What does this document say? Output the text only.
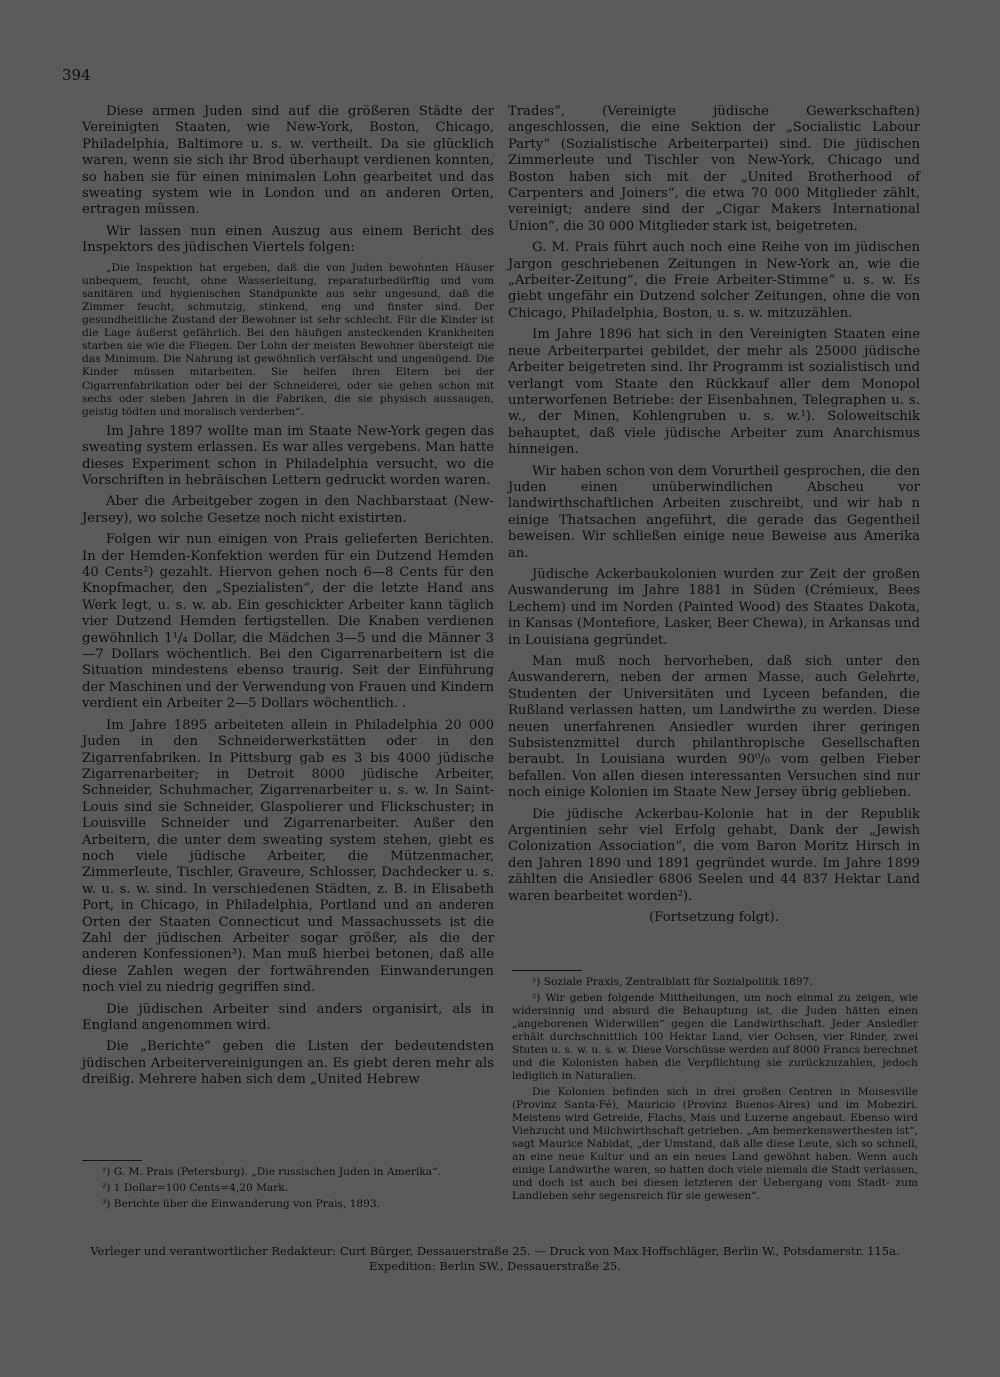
394

Diese armen Juden sind auf die größeren Städte der Vereinigten Staaten, wie New-York, Boston, Chicago, Philadelphia, Baltimore u. s. w. vertheilt. Da sie glücklich waren, wenn sie sich ihr Brod überhaupt verdienen konnten, so haben sie für einen minimalen Lohn gearbeitet und das sweating system wie in London und an anderen Orten, ertragen müssen.

Wir lassen nun einen Auszug aus einem Bericht des Inspektors des jüdischen Viertels folgen:

„Die Inspektion hat ergeben, daß die von Juden bewohnten Häuser unbequem, feucht, ohne Wasserleitung, reparaturbedürftig und vom sanitären und hygienischen Standpunkte aus sehr ungesund, daß die Zimmer feucht, schmutzig, stinkend, eng und finster sind. Der gesundheitliche Zustand der Bewohner ist sehr schlecht. Für die Kinder ist die Lage äußerst gefährlich. Bei den häufigen ansteckenden Krankheiten starben sie wie die Fliegen. Der Lohn der meisten Bewohner übersteigt nie das Minimum. Die Nahrung ist gewöhnlich verfälscht und ungenügend. Die Kinder müssen mitarbeiten. Sie helfen ihren Eltern bei der Cigarrenfabrikation oder bei der Schneiderei, oder sie gehen schon mit sechs oder sieben Jahren in die Fabriken, die sie physisch aussaugen, geistig tödten und moralisch verderben“.

Im Jahre 1897 wollte man im Staate New-York gegen das sweating system erlassen. Es war alles vergebens. Man hatte dieses Experiment schon in Philadelphia versucht, wo die Vorschriften in hebräischen Lettern gedruckt worden waren.

Aber die Arbeitgeber zogen in den Nachbarstaat (New-Jersey), wo solche Gesetze noch nicht existirten.

Folgen wir nun einigen von Prais gelieferten Berichten. In der Hemden-Konfektion werden für ein Dutzend Hemden 40 Cents²) gezahlt. Hiervon gehen noch 6—8 Cents für den Knopfmacher, den „Spezialisten“, der die letzte Hand ans Werk legt, u. s. w. ab. Ein geschickter Arbeiter kann täglich vier Dutzend Hemden fertigstellen. Die Knaben verdienen gewöhnlich 1¹/₄ Dollar, die Mädchen 3—5 und die Männer 3—7 Dollars wöchentlich. Bei den Cigarrenarbeitern ist die Situation mindestens ebenso traurig. Seit der Einführung der Maschinen und der Verwendung von Frauen und Kindern verdient ein Arbeiter 2—5 Dollars wöchentlich. .

Im Jahre 1895 arbeiteten allein in Philadelphia 20 000 Juden in den Schneiderwerkstätten oder in den Zigarrenfabriken. In Pittsburg gab es 3 bis 4000 jüdische Zigarrenarbeiter; in Detroit 8000 jüdische Arbeiter, Schneider, Schuhmacher, Zigarrenarbeiter u. s. w. In Saint-Louis sind sie Schneider, Glaspolierer und Flickschuster; in Louisville Schneider und Zigarrenarbeiter. Außer den Arbeitern, die unter dem sweating system stehen, giebt es noch viele jüdische Arbeiter, die Mützenmacher, Zimmerleute, Tischler, Graveure, Schlosser, Dachdecker u. s. w. u. s. w. sind. In verschiedenen Städten, z. B. in Elisabeth Port, in Chicago, in Philadelphia, Portland und an anderen Orten der Staaten Connecticut und Massachussets ist die Zahl der jüdischen Arbeiter sogar größer, als die der anderen Konfessionen³). Man muß hierbei betonen, daß alle diese Zahlen wegen der fortwährenden Einwanderungen noch viel zu niedrig gegriffen sind.

Die jüdischen Arbeiter sind anders organisirt, als in England angenommen wird.

Die „Berichte“ geben die Listen der bedeutendsten jüdischen Arbeitervereinigungen an. Es giebt deren mehr als dreißig. Mehrere haben sich dem „United Hebrew

¹) G. M. Prais (Petersburg). „Die russischen Juden in Amerika“.

²) 1 Dollar=100 Cents=4,20 Mark.

³) Berichte über die Einwanderung von Prais, 1893.

Trades“, (Vereinigte jüdische Gewerkschaften) angeschlossen, die eine Sektion der „Socialistic Labour Party“ (Sozialistische Arbeiterpartei) sind. Die jüdischen Zimmerleute und Tischler von New-York, Chicago und Boston haben sich mit der „United Brotherhood of Carpenters and Joiners“, die etwa 70 000 Mitglieder zählt, vereinigt; andere sind der „Cigar Makers International Union“, die 30 000 Mitglieder stark ist, beigetreten.

G. M. Prais führt auch noch eine Reihe von im jüdischen Jargon geschriebenen Zeitungen in New-York an, wie die „Arbeiter-Zeitung“, die Freie Arbeiter-Stimme“ u. s. w. Es giebt ungefähr ein Dutzend solcher Zeitungen, ohne die von Chicago, Philadelphia, Boston, u. s. w. mitzuzählen.

Im Jahre 1896 hat sich in den Vereinigten Staaten eine neue Arbeiterpartei gebildet, der mehr als 25000 jüdische Arbeiter beigetreten sind. Ihr Programm ist sozialistisch und verlangt vom Staate den Rückkauf aller dem Monopol unterworfenen Betriebe: der Eisenbahnen, Telegraphen u. s. w., der Minen, Kohlengruben u. s. w.¹). Soloweitschik behauptet, daß viele jüdische Arbeiter zum Anarchismus hinneigen.

Wir haben schon von dem Vorurtheil gesprochen, die den Juden einen unüberwindlichen Abscheu vor landwirthschaftlichen Arbeiten zuschreibt, und wir hab n einige Thatsachen angeführt, die gerade das Gegentheil beweisen. Wir schließen einige neue Beweise aus Amerika an.

Jüdische Ackerbaukolonien wurden zur Zeit der großen Auswanderung im Jahre 1881 in Süden (Crémieux, Bees Lechem) und im Norden (Painted Wood) des Staates Dakota, in Kansas (Montefiore, Lasker, Beer Chewa), in Arkansas und in Louisiana gegründet.

Man muß noch hervorheben, daß sich unter den Auswanderern, neben der armen Masse, auch Gelehrte, Studenten der Universitäten und Lyceen befanden, die Rußland verlassen hatten, um Landwirthe zu werden. Diese neuen unerfahrenen Ansiedler wurden ihrer geringen Subsistenzmittel durch philanthropische Gesellschaften beraubt. In Louisiana wurden 90⁰/₀ vom gelben Fieber befallen. Von allen diesen interessanten Versuchen sind nur noch einige Kolonien im Staate New Jersey übrig geblieben.

Die jüdische Ackerbau-Kolonie hat in der Republik Argentinien sehr viel Erfolg gehabt, Dank der „Jewish Colonization Association“, die vom Baron Moritz Hirsch in den Jahren 1890 und 1891 gegründet wurde. Im Jahre 1899 zählten die Ansiedler 6806 Seelen und 44 837 Hektar Land waren bearbeitet worden²).

(Fortsetzung folgt).

¹) Soziale Praxis, Zentralblatt für Sozialpolitik 1897.

²) Wir geben folgende Mittheilungen, um noch einmal zu zeigen, wie widersinnig und absurd die Behauptung ist, die Juden hätten einen „angeborenen Widerwillen“ gegen die Landwirthschaft. Jeder Ansiedler erhält durchschnittlich 100 Hektar Land, vier Ochsen, vier Rinder, zwei Stuten u. s. w. u. s. w. Diese Vorschüsse werden auf 8000 Francs berechnet und die Kolonisten haben die Verpflichtung sie zurückzuzahlen, jedoch lediglich in Naturalien.

Die Kolonien befinden sich in drei großen Centren in Moisesville (Provinz Santa-Fé), Mauricio (Provinz Buenos-Aires) und im Mobeziri. Meistens wird Getreide, Flachs, Mais und Luzerne angebaut. Ebenso wird Viehzucht und Milchwirthschaft getrieben. „Am bemerkenswerthesten ist“, sagt Maurice Nabidat, „der Umstand, daß alle diese Leute, sich so schnell, an eine neue Kultur und an ein neues Land gewöhnt haben. Wenn auch einige Landwirthe waren, so hatten doch viele niemals die Stadt verlassen, und doch ist auch bei diesen letzteren der Uebergang vom Stadt- zum Landleben sehr segensreich für sie gewesen“.

Verleger und verantwortlicher Redakteur: Curt Bürger, Dessauerstraße 25. — Druck von Max Hoffschläger, Berlin W., Potsdamerstr. 115a.

Expedition: Berlin SW., Dessauerstraße 25.
